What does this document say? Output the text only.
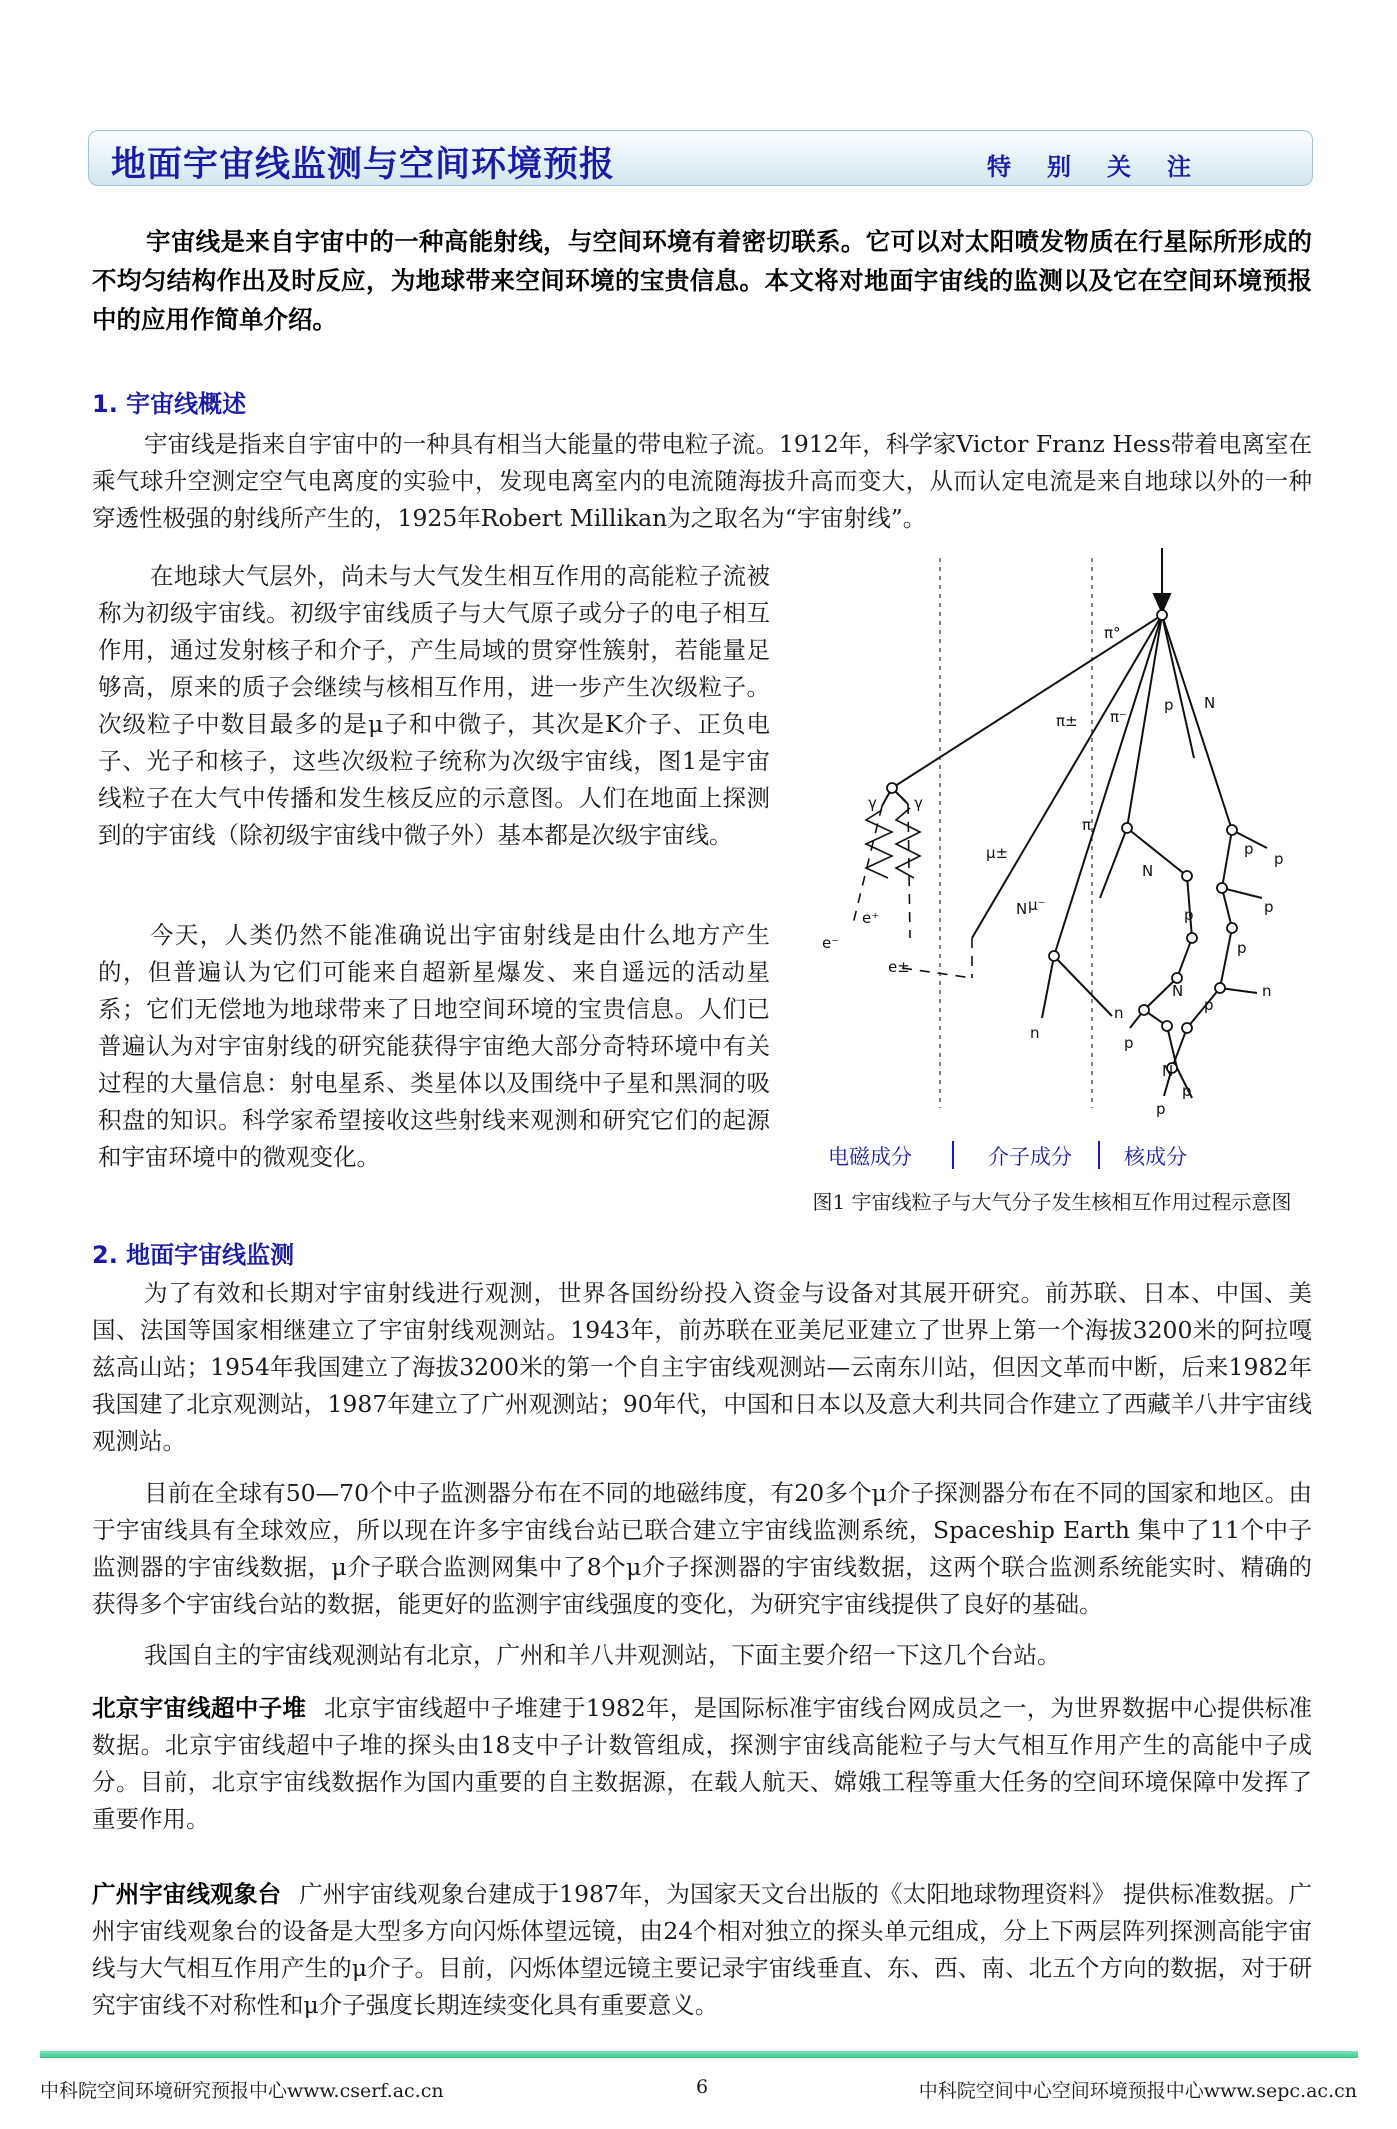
地面宇宙线监测与空间环境预报	特别关注

宇宙线是来自宇宙中的一种高能射线，与空间环境有着密切联系。它可以对太阳喷发物质在行星际所形成的不均匀结构作出及时反应，为地球带来空间环境的宝贵信息。本文将对地面宇宙线的监测以及它在空间环境预报中的应用作简单介绍。

1. 宇宙线概述

宇宙线是指来自宇宙中的一种具有相当大能量的带电粒子流。1912年，科学家Victor Franz Hess带着电离室在乘气球升空测定空气电离度的实验中，发现电离室内的电流随海拔升高而变大，从而认定电流是来自地球以外的一种穿透性极强的射线所产生的，1925年Robert Millikan为之取名为“宇宙射线”。

在地球大气层外，尚未与大气发生相互作用的高能粒子流被称为初级宇宙线。初级宇宙线质子与大气原子或分子的电子相互作用，通过发射核子和介子，产生局域的贯穿性簇射，若能量足够高，原来的质子会继续与核相互作用，进一步产生次级粒子。次级粒子中数目最多的是μ子和中微子，其次是K介子、正负电子、光子和核子，这些次级粒子统称为次级宇宙线，图1是宇宙线粒子在大气中传播和发生核反应的示意图。人们在地面上探测到的宇宙线（除初级宇宙线中微子外）基本都是次级宇宙线。

今天，人类仍然不能准确说出宇宙射线是由什么地方产生的，但普遍认为它们可能来自超新星爆发、来自遥远的活动星系；它们无偿地为地球带来了日地空间环境的宝贵信息。人们已普遍认为对宇宙射线的研究能获得宇宙绝大部分奇特环境中有关过程的大量信息：射电星系、类星体以及围绕中子星和黑洞的吸积盘的知识。科学家希望接收这些射线来观测和研究它们的起源和宇宙环境中的微观变化。

π°
π± π⁻
p N
π
μ±
N μ⁻
γ γ
e⁺
e⁻
e±
N
p
p
p
p
p
n
p
n
n
N
N
p
p
p
电磁成分	介子成分 核成分
图1 宇宙线粒子与大气分子发生核相互作用过程示意图
2. 地面宇宙线监测

为了有效和长期对宇宙射线进行观测，世界各国纷纷投入资金与设备对其展开研究。前苏联、日本、中国、美国、法国等国家相继建立了宇宙射线观测站。1943年，前苏联在亚美尼亚建立了世界上第一个海拔3200米的阿拉嘎兹高山站；1954年我国建立了海拔3200米的第一个自主宇宙线观测站—云南东川站，但因文革而中断，后来1982年我国建了北京观测站，1987年建立了广州观测站；90年代，中国和日本以及意大利共同合作建立了西藏羊八井宇宙线观测站。

目前在全球有50—70个中子监测器分布在不同的地磁纬度，有20多个μ介子探测器分布在不同的国家和地区。由于宇宙线具有全球效应，所以现在许多宇宙线台站已联合建立宇宙线监测系统，Spaceship Earth 集中了11个中子监测器的宇宙线数据，μ介子联合监测网集中了8个μ介子探测器的宇宙线数据，这两个联合监测系统能实时、精确的获得多个宇宙线台站的数据，能更好的监测宇宙线强度的变化，为研究宇宙线提供了良好的基础。

我国自主的宇宙线观测站有北京，广州和羊八井观测站，下面主要介绍一下这几个台站。

北京宇宙线超中子堆 北京宇宙线超中子堆建于1982年，是国际标准宇宙线台网成员之一，为世界数据中心提供标准数据。北京宇宙线超中子堆的探头由18支中子计数管组成，探测宇宙线高能粒子与大气相互作用产生的高能中子成分。目前，北京宇宙线数据作为国内重要的自主数据源，在载人航天、嫦娥工程等重大任务的空间环境保障中发挥了重要作用。

广州宇宙线观象台 广州宇宙线观象台建成于1987年，为国家天文台出版的《太阳地球物理资料》 提供标准数据。广州宇宙线观象台的设备是大型多方向闪烁体望远镜，由24个相对独立的探头单元组成，分上下两层阵列探测高能宇宙线与大气相互作用产生的μ介子。目前，闪烁体望远镜主要记录宇宙线垂直、东、西、南、北五个方向的数据，对于研究宇宙线不对称性和μ介子强度长期连续变化具有重要意义。

中科院空间环境研究预报中心www.cserf.ac.cn	6	中科院空间中心空间环境预报中心www.sepc.ac.cn
